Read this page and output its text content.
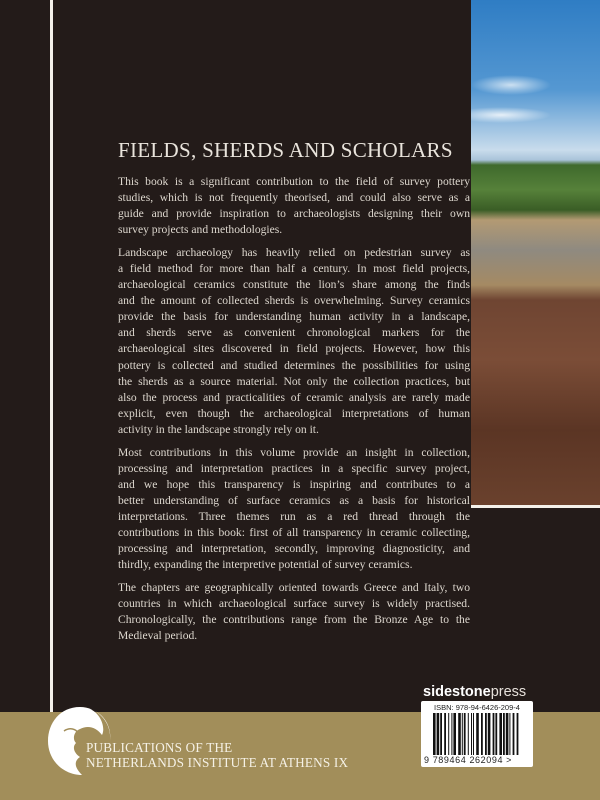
FIELDS, SHERDS AND SCHOLARS
This book is a significant contribution to the field of survey pottery
studies, which is not frequently theorised, and could also serve as a
guide and provide inspiration to archaeologists designing their own
survey projects and methodologies.
Landscape archaeology has heavily relied on pedestrian survey as
a field method for more than half a century. In most field projects,
archaeological ceramics constitute the lion’s share among the finds
and the amount of collected sherds is overwhelming. Survey ceramics
provide the basis for understanding human activity in a landscape,
and sherds serve as convenient chronological markers for the
archaeological sites discovered in field projects. However, how this
pottery is collected and studied determines the possibilities for using
the sherds as a source material. Not only the collection practices, but
also the process and practicalities of ceramic analysis are rarely made
explicit, even though the archaeological interpretations of human
activity in the landscape strongly rely on it.
Most contributions in this volume provide an insight in collection,
processing and interpretation practices in a specific survey project,
and we hope this transparency is inspiring and contributes to a
better understanding of surface ceramics as a basis for historical
interpretations. Three themes run as a red thread through the
contributions in this book: first of all transparency in ceramic collecting,
processing and interpretation, secondly, improving diagnosticity, and
thirdly, expanding the interpretive potential of survey ceramics.
The chapters are geographically oriented towards Greece and Italy, two
countries in which archaeological surface survey is widely practised.
Chronologically, the contributions range from the Bronze Age to the
Medieval period.
PUBLICATIONS OF THE
NETHERLANDS INSTITUTE AT ATHENS IX
sidestonepress
ISBN: 978-94-6426-209-4
9 789464 262094 >
